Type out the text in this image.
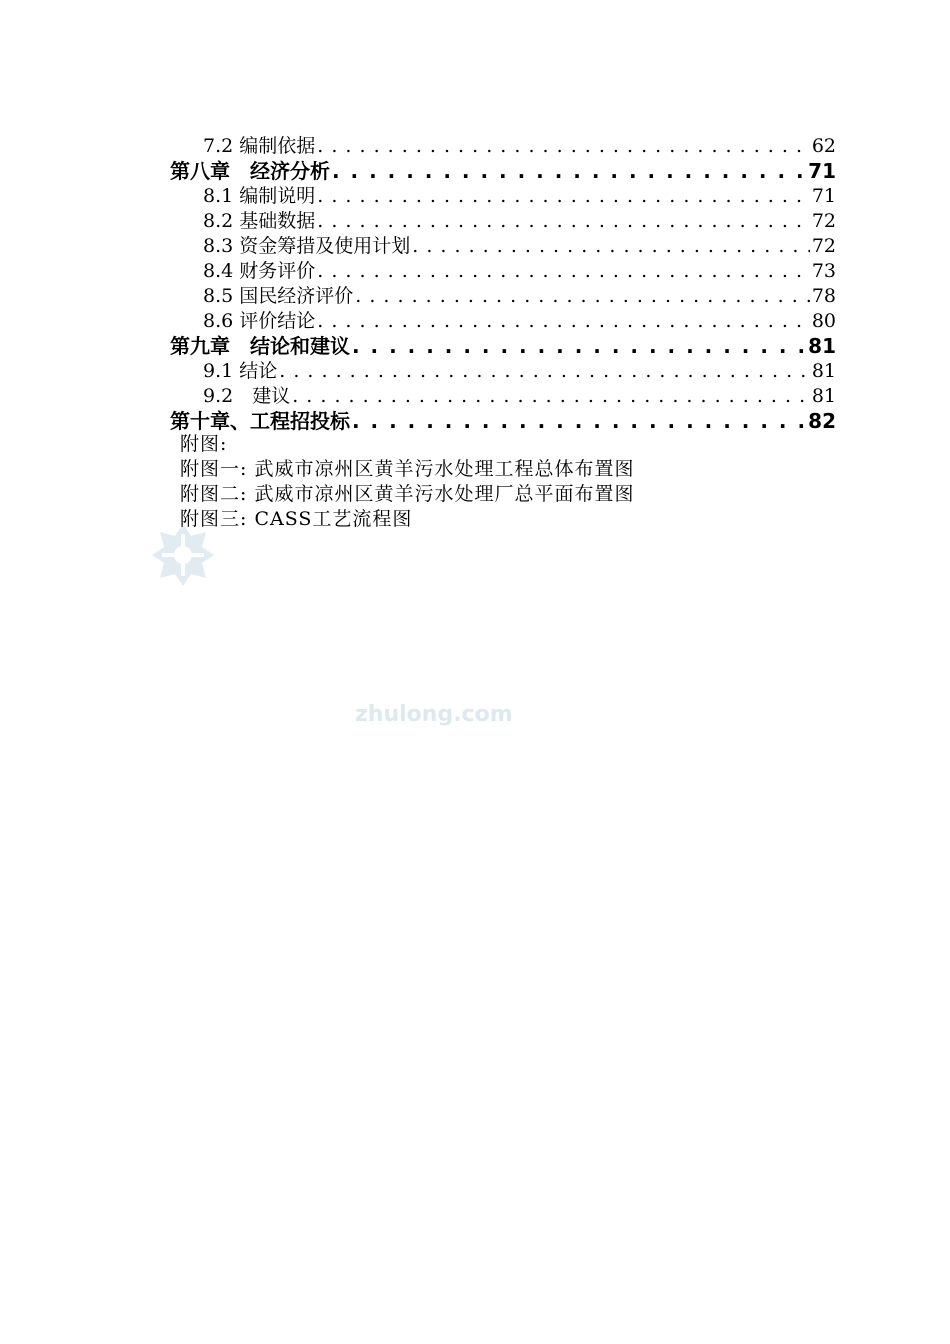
7.2 编制依据 . . .	62
第八章　经济分析 . . .	71
8.1 编制说明 . . .	71
8.2 基础数据 . . .	72
8.3 资金筹措及使用计划 . . .	72
8.4 财务评价 . . .	73
8.5 国民经济评价 . . .	78
8.6 评价结论 . . .	80
第九章　结论和建议 . . .	81
9.1 结论 . . .	81
9.2　建议 . . .	81
第十章、工程招投标 . . .	82
附图:
附图一: 武威市凉州区黄羊污水处理工程总体布置图
附图二: 武威市凉州区黄羊污水处理厂总平面布置图
附图三: CASS工艺流程图
zhulong.com
